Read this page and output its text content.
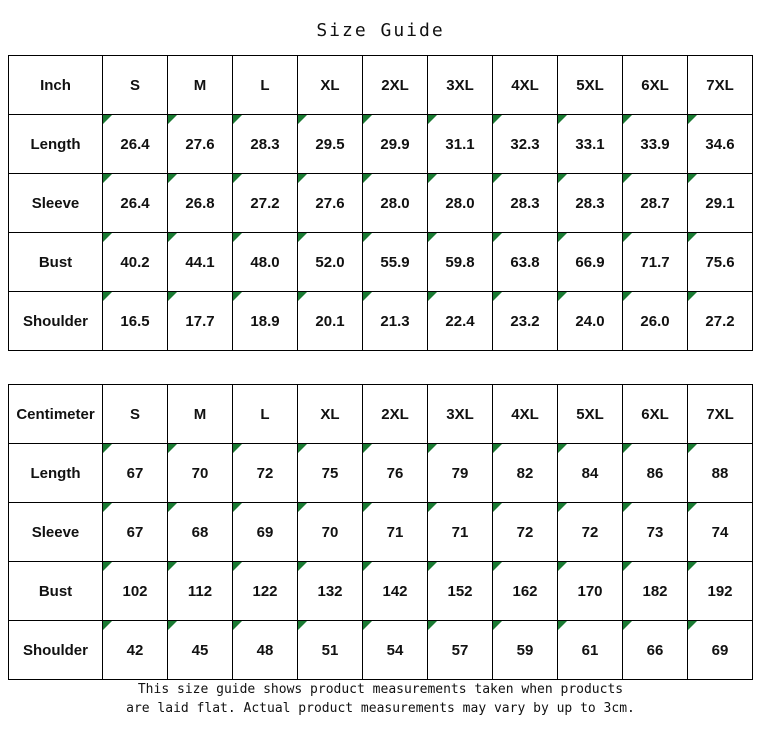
Size Guide
Inch	S	M	L	XL	2XL	3XL	4XL	5XL	6XL	7XL
Length	26.4	27.6	28.3	29.5	29.9	31.1	32.3	33.1	33.9	34.6
Sleeve	26.4	26.8	27.2	27.6	28.0	28.0	28.3	28.3	28.7	29.1
Bust	40.2	44.1	48.0	52.0	55.9	59.8	63.8	66.9	71.7	75.6
Shoulder	16.5	17.7	18.9	20.1	21.3	22.4	23.2	24.0	26.0	27.2
Centimeter	S	M	L	XL	2XL	3XL	4XL	5XL	6XL	7XL
Length	67	70	72	75	76	79	82	84	86	88
Sleeve	67	68	69	70	71	71	72	72	73	74
Bust	102	112	122	132	142	152	162	170	182	192
Shoulder	42	45	48	51	54	57	59	61	66	69
This size guide shows product measurements taken when products
are laid flat. Actual product measurements may vary by up to 3cm.
